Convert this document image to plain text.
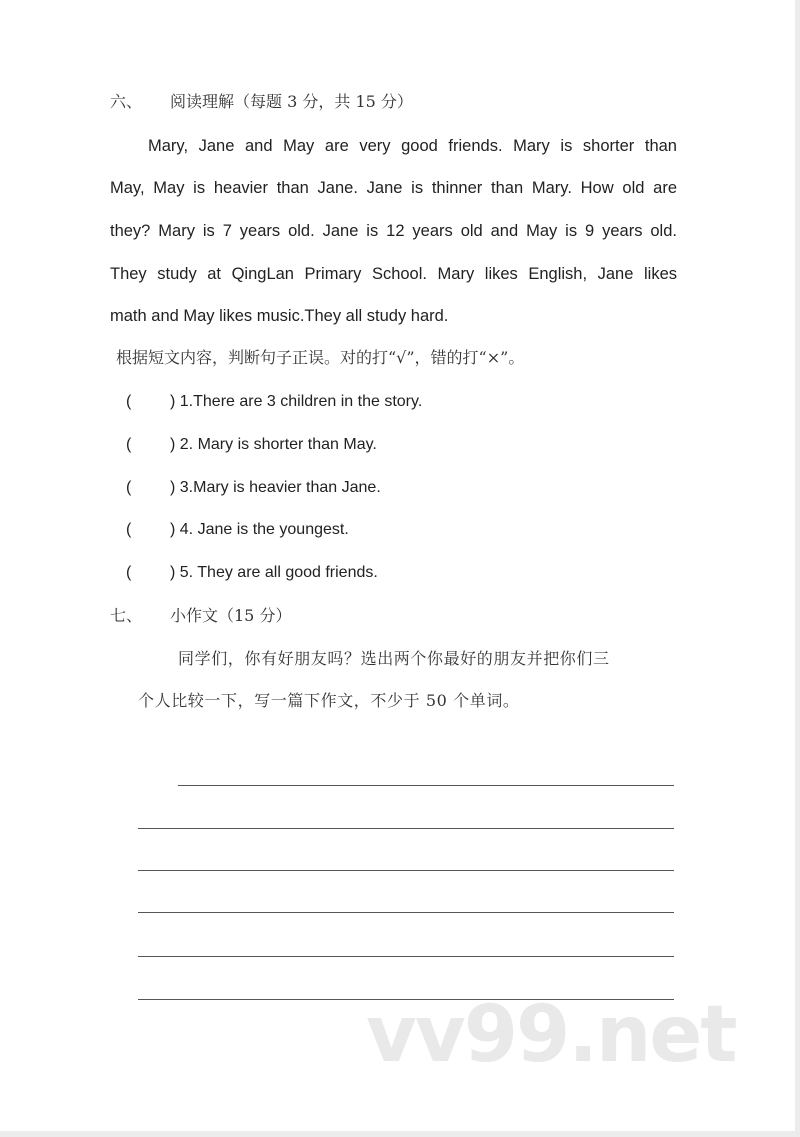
六、 阅读理解（每题 3 分，共 15 分）
Mary, Jane and May are very good friends. Mary is shorter than
May, May is heavier than Jane. Jane is thinner than Mary. How old are
they? Mary is 7 years old. Jane is 12 years old and May is 9 years old.
They study at QingLan Primary School. Mary likes English, Jane likes
math and May likes music.They all study hard.
根据短文内容，判断句子正误。对的打“√”，错的打“×”。
( ) 1.There are 3 children in the story.
( ) 2. Mary is shorter than May.
( ) 3.Mary is heavier than Jane.
( ) 4. Jane is the youngest.
( ) 5. They are all good friends.
七、 小作文（15 分）
同学们，你有好朋友吗？选出两个你最好的朋友并把你们三
个人比较一下，写一篇下作文，不少于 50 个单词。
vv99.net
